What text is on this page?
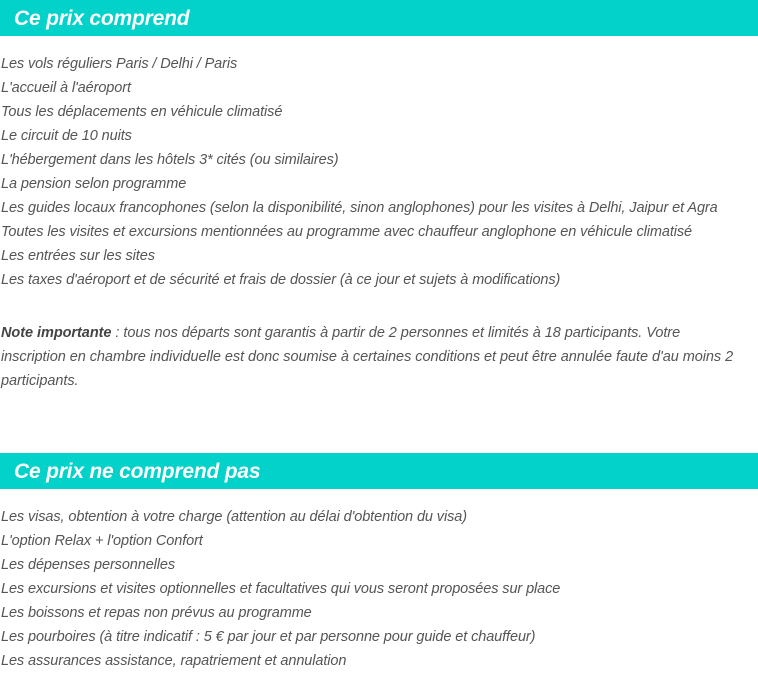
Ce prix comprend
Les vols réguliers Paris / Delhi / Paris
L'accueil à l'aéroport
Tous les déplacements en véhicule climatisé
Le circuit de 10 nuits
L'hébergement dans les hôtels 3* cités (ou similaires)
La pension selon programme
Les guides locaux francophones (selon la disponibilité, sinon anglophones) pour les visites à Delhi, Jaipur et Agra
Toutes les visites et excursions mentionnées au programme avec chauffeur anglophone en véhicule climatisé
Les entrées sur les sites
Les taxes d'aéroport et de sécurité et frais de dossier (à ce jour et sujets à modifications)

Note importante : tous nos départs sont garantis à partir de 2 personnes et limités à 18 participants. Votre inscription en chambre individuelle est donc soumise à certaines conditions et peut être annulée faute d'au moins 2 participants.

Ce prix ne comprend pas
Les visas, obtention à votre charge (attention au délai d'obtention du visa)
L'option Relax + l'option Confort
Les dépenses personnelles
Les excursions et visites optionnelles et facultatives qui vous seront proposées sur place
Les boissons et repas non prévus au programme
Les pourboires (à titre indicatif : 5 € par jour et par personne pour guide et chauffeur)
Les assurances assistance, rapatriement et annulation
